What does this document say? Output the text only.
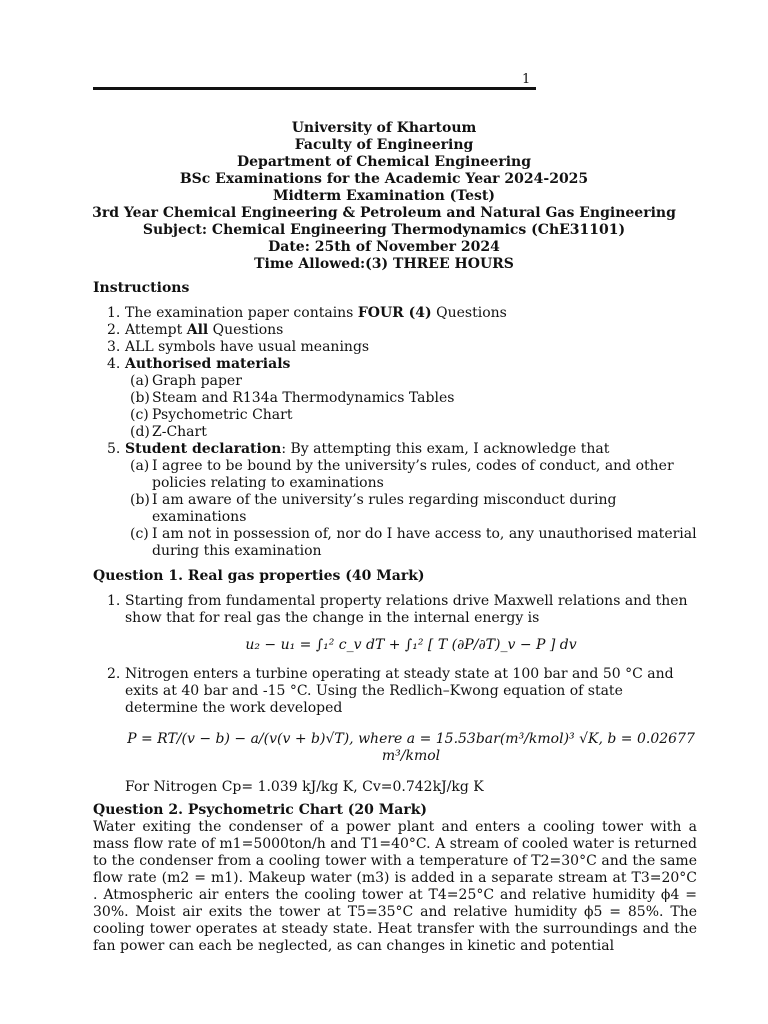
1
University of Khartoum
Faculty of Engineering
Department of Chemical Engineering
BSc Examinations for the Academic Year 2024-2025
Midterm Examination (Test)
3rd Year Chemical Engineering & Petroleum and Natural Gas Engineering
Subject: Chemical Engineering Thermodynamics (ChE31101)
Date: 25th of November 2024
Time Allowed:(3) THREE HOURS

Instructions

1. The examination paper contains FOUR (4) Questions
2. Attempt All Questions
3. ALL symbols have usual meanings
4. Authorised materials
(a) Graph paper
(b) Steam and R134a Thermodynamics Tables
(c) Psychometric Chart
(d) Z-Chart
5. Student declaration: By attempting this exam, I acknowledge that
(a) I agree to be bound by the university’s rules, codes of conduct, and other policies relating to examinations
(b) I am aware of the university’s rules regarding misconduct during examinations
(c) I am not in possession of, nor do I have access to, any unauthorised material during this examination

Question 1. Real gas properties (40 Mark)

1. Starting from fundamental property relations drive Maxwell relations and then show that for real gas the change in the internal energy is
u₂ − u₁ = ∫₁² c_v dT + ∫₁² [ T (∂P/∂T)_v − P ] dv
2. Nitrogen enters a turbine operating at steady state at 100 bar and 50 °C and exits at 40 bar and -15 °C. Using the Redlich–Kwong equation of state determine the work developed
P = RT/(v − b) − a/(v(v + b)√T), where a = 15.53bar(m³/kmol)³ √K, b = 0.02677 m³/kmol
For Nitrogen Cp= 1.039 kJ/kg K, Cv=0.742kJ/kg K

Question 2. Psychometric Chart (20 Mark)

Water exiting the condenser of a power plant and enters a cooling tower with a mass flow rate of m1=5000ton/h and T1=40°C. A stream of cooled water is returned to the condenser from a cooling tower with a temperature of T2=30°C and the same flow rate (m2 = m1). Makeup water (m3) is added in a separate stream at T3=20°C . Atmospheric air enters the cooling tower at T4=25°C and relative humidity ϕ4 = 30%. Moist air exits the tower at T5=35°C and relative humidity ϕ5 = 85%. The cooling tower operates at steady state. Heat transfer with the surroundings and the fan power can each be neglected, as can changes in kinetic and potential
